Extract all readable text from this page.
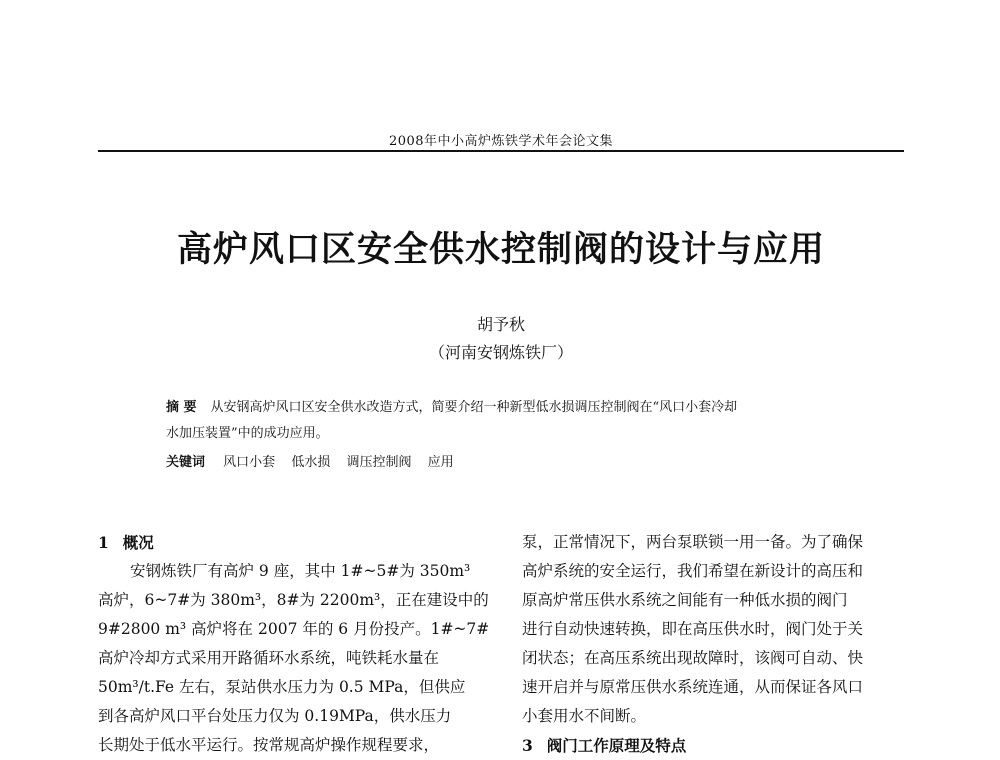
2008年中小高炉炼铁学术年会论文集
高炉风口区安全供水控制阀的设计与应用
胡予秋
（河南安钢炼铁厂）
摘 要 从安钢高炉风口区安全供水改造方式，简要介绍一种新型低水损调压控制阀在“风口小套冷却
水加压装置”中的成功应用。
关键词 风口小套 低水损 调压控制阀 应用
1 概况
安钢炼铁厂有高炉 9 座，其中 1#~5#为 350m³
高炉，6~7#为 380m³，8#为 2200m³，正在建设中的
9#2800 m³ 高炉将在 2007 年的 6 月份投产。1#~7#
高炉冷却方式采用开路循环水系统，吨铁耗水量在
50m³/t.Fe 左右，泵站供水压力为 0.5 MPa，但供应
到各高炉风口平台处压力仅为 0.19MPa，供水压力
长期处于低水平运行。按常规高炉操作规程要求，
泵，正常情况下，两台泵联锁一用一备。为了确保
高炉系统的安全运行，我们希望在新设计的高压和
原高炉常压供水系统之间能有一种低水损的阀门
进行自动快速转换，即在高压供水时，阀门处于关
闭状态；在高压系统出现故障时，该阀可自动、快
速开启并与原常压供水系统连通，从而保证各风口
小套用水不间断。
3 阀门工作原理及特点
